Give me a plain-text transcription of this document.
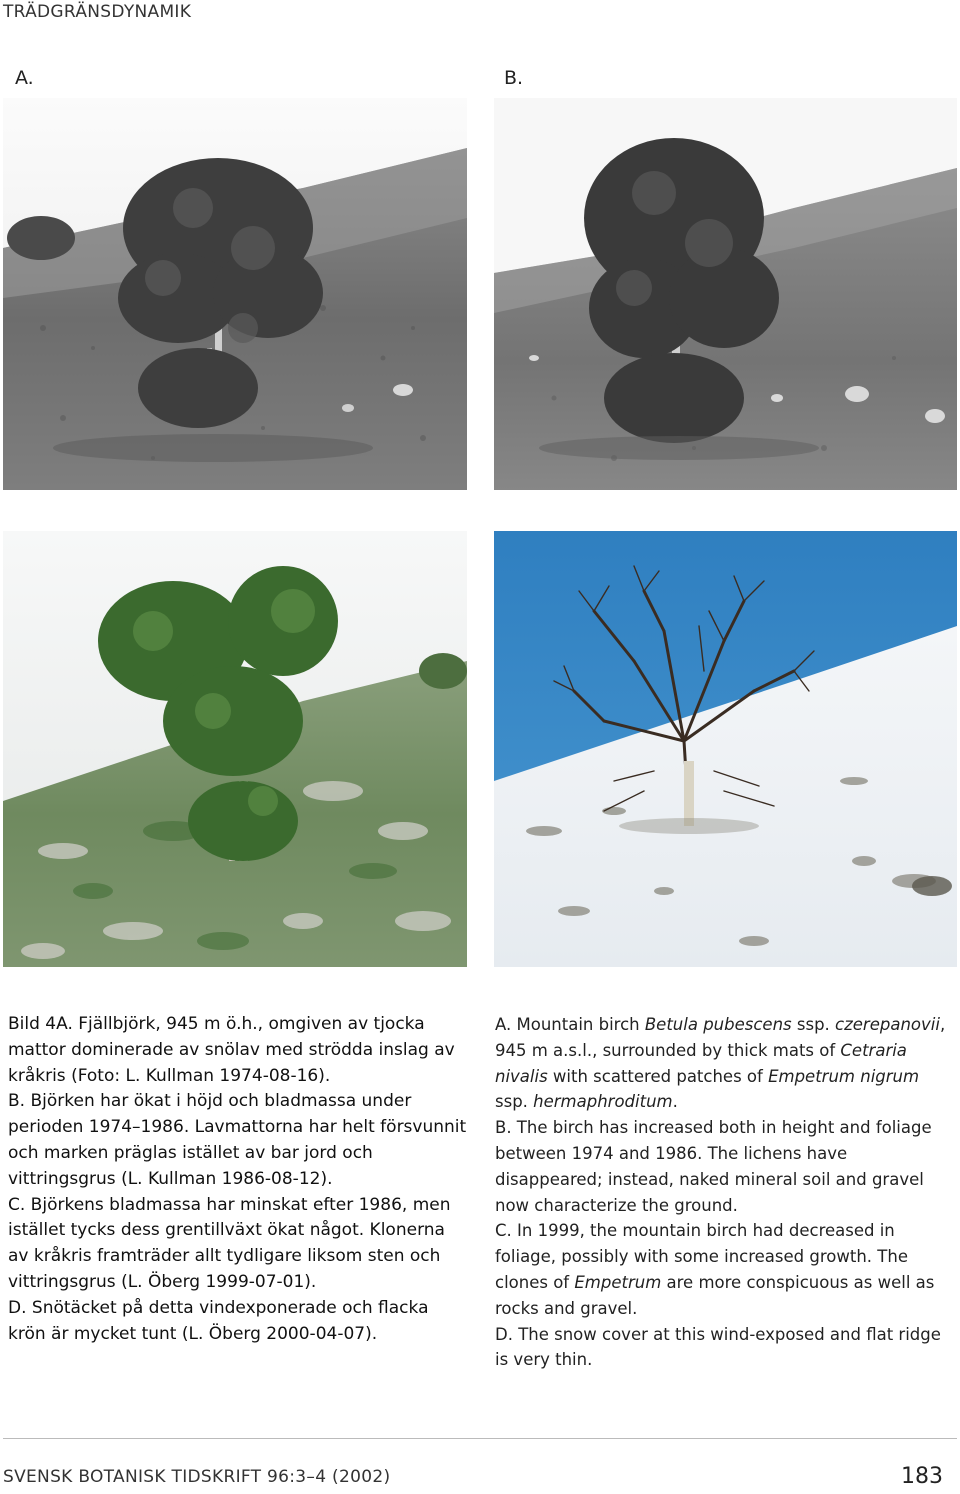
TRÄDGRÄNSDYNAMIK
A.	B.

Bild 4A. Fjällbjörk, 945 m ö.h., omgiven av tjocka mattor dominerade av snölav med strödda inslag av kråkris (Foto: L. Kullman 1974-08-16).

B. Björken har ökat i höjd och bladmassa under perioden 1974–1986. Lavmattorna har helt försvunnit och marken präglas istället av bar jord och vittringsgrus (L. Kullman 1986-08-12).

C. Björkens bladmassa har minskat efter 1986, men istället tycks dess grentillväxt ökat något. Klonerna av kråkris framträder allt tydligare liksom sten och vittringsgrus (L. Öberg 1999-07-01).

D. Snötäcket på detta vindexponerade och flacka krön är mycket tunt (L. Öberg 2000-04-07).

A. Mountain birch Betula pubescens ssp. czerepanovii, 945 m a.s.l., surrounded by thick mats of Cetraria nivalis with scattered patches of Empetrum nigrum ssp. hermaphroditum.

B. The birch has increased both in height and foliage between 1974 and 1986. The lichens have disappeared; instead, naked mineral soil and gravel now characterize the ground.

C. In 1999, the mountain birch had decreased in foliage, possibly with some increased growth. The clones of Empetrum are more conspicuous as well as rocks and gravel.

D. The snow cover at this wind-exposed and flat ridge is very thin.

SVENSK BOTANISK TIDSKRIFT 96:3–4 (2002)	183
